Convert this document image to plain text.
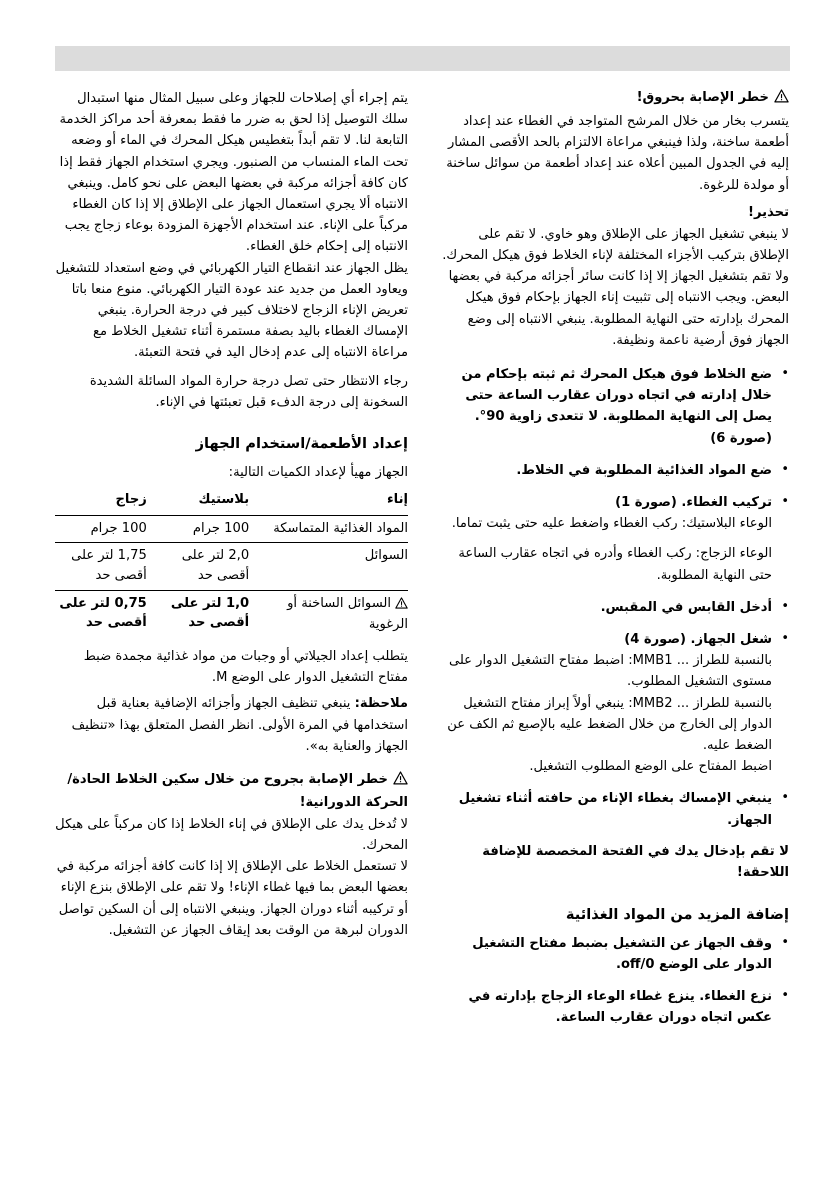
يتم إجراء أي إصلاحات للجهاز وعلى سبيل المثال منها استبدال سلك التوصيل إذا لحق به ضرر ما فقط بمعرفة أحد مراكز الخدمة التابعة لنا. لا تقم أبداً بتغطيس هيكل المحرك في الماء أو وضعه تحت الماء المنساب من الصنبور. ويجري استخدام الجهاز فقط إذا كان كافة أجزائه مركبة في بعضها البعض على نحو كامل. وينبغي الانتباه ألا يجري استعمال الجهاز على الإطلاق إلا إذا كان الغطاء مركباً على الإناء. عند استخدام الأجهزة المزودة بوعاء زجاج يجب الانتباه إلى إحكام خلق الغطاء.

يظل الجهاز عند انقطاع التيار الكهربائي في وضع استعداد للتشغيل ويعاود العمل من جديد عند عودة التيار الكهربائي. منوع منعا باتا تعريض الإناء الزجاج لاختلاف كبير في درجة الحرارة. ينبغي الإمساك الغطاء باليد بصفة مستمرة أثناء تشغيل الخلاط مع مراعاة الانتباه إلى عدم إدخال اليد في فتحة التعبئة.

رجاء الانتظار حتى تصل درجة حرارة المواد السائلة الشديدة السخونة إلى درجة الدفء قبل تعبئتها في الإناء.

إعداد الأطعمة/استخدام الجهاز

الجهاز مهيأ لإعداد الكميات التالية:

إناء	بلاستيك	زجاج
المواد الغذائية المتماسكة	100 جرام	100 جرام
السوائل	2,0 لتر على أقصى حد	1,75 لتر على أقصى حد
السوائل الساخنة أو الرغوية	1,0 لتر على أقصى حد	0,75 لتر على أقصى حد

يتطلب إعداد الجيلاتي أو وجبات من مواد غذائية مجمدة ضبط مفتاح التشغيل الدوار على الوضع M.

ملاحظة: ينبغي تنظيف الجهاز وأجزائه الإضافية بعناية قبل استخدامها في المرة الأولى. انظر الفصل المتعلق بهذا «تنظيف الجهاز والعناية به».

خطر الإصابة بجروح من خلال سكين الخلاط الحادة/الحركة الدورانية!

لا تُدخل يدك على الإطلاق في إناء الخلاط إذا كان مركباً على هيكل المحرك.

لا تستعمل الخلاط على الإطلاق إلا إذا كانت كافة أجزائه مركبة في بعضها البعض بما فيها غطاء الإناء! ولا تقم على الإطلاق بنزع الإناء أو تركيبه أثناء دوران الجهاز. وينبغي الانتباه إلى أن السكين تواصل الدوران لبرهة من الوقت بعد إيقاف الجهاز عن التشغيل.

خطر الإصابة بحروق!

يتسرب بخار من خلال المرشح المتواجد في الغطاء عند إعداد أطعمة ساخنة، ولذا فينبغي مراعاة الالتزام بالحد الأقصى المشار إليه في الجدول المبين أعلاه عند إعداد أطعمة من سوائل ساخنة أو مولدة للرغوة.

تحذير!

لا ينبغي تشغيل الجهاز على الإطلاق وهو خاوي. لا تقم على الإطلاق بتركيب الأجزاء المختلفة لإناء الخلاط فوق هيكل المحرك. ولا تقم بتشغيل الجهاز إلا إذا كانت سائر أجزائه مركبة في بعضها البعض. ويجب الانتباه إلى تثبيت إناء الجهاز بإحكام فوق هيكل المحرك بإدارته حتى النهاية المطلوبة. ينبغي الانتباه إلى وضع الجهاز فوق أرضية ناعمة ونظيفة.

• ضع الخلاط فوق هيكل المحرك ثم ثبته بإحكام من خلال إدارته في اتجاه دوران عقارب الساعة حتى يصل إلى النهاية المطلوبة. لا تتعدى زاوية 90°. (صورة 6)
• ضع المواد الغذائية المطلوبة في الخلاط.
• تركيب الغطاء. (صورة 1)
الوعاء البلاستيك: ركب الغطاء واضغط عليه حتى يثبت تماما.
الوعاء الزجاج: ركب الغطاء وأدره في اتجاه عقارب الساعة حتى النهاية المطلوبة.
• أدخل القابس في المقبس.
• شغل الجهاز. (صورة 4)
بالنسبة للطراز ... MMB1: اضبط مفتاح التشغيل الدوار على مستوى التشغيل المطلوب.
بالنسبة للطراز ... MMB2: ينبغي أولاً إبراز مفتاح التشغيل الدوار إلى الخارج من خلال الضغط عليه بالإصبع ثم الكف عن الضغط عليه.
اضبط المفتاح على الوضع المطلوب التشغيل.
• ينبغي الإمساك بغطاء الإناء من حافته أثناء تشغيل الجهاز.

لا تقم بإدخال يدك في الفتحة المخصصة للإضافة اللاحقة!

إضافة المزيد من المواد الغذائية
• وقف الجهاز عن التشغيل بضبط مفتاح التشغيل الدوار على الوضع off/0.
• نزع الغطاء. ينزع غطاء الوعاء الزجاج بإدارته في عكس اتجاه دوران عقارب الساعة.
